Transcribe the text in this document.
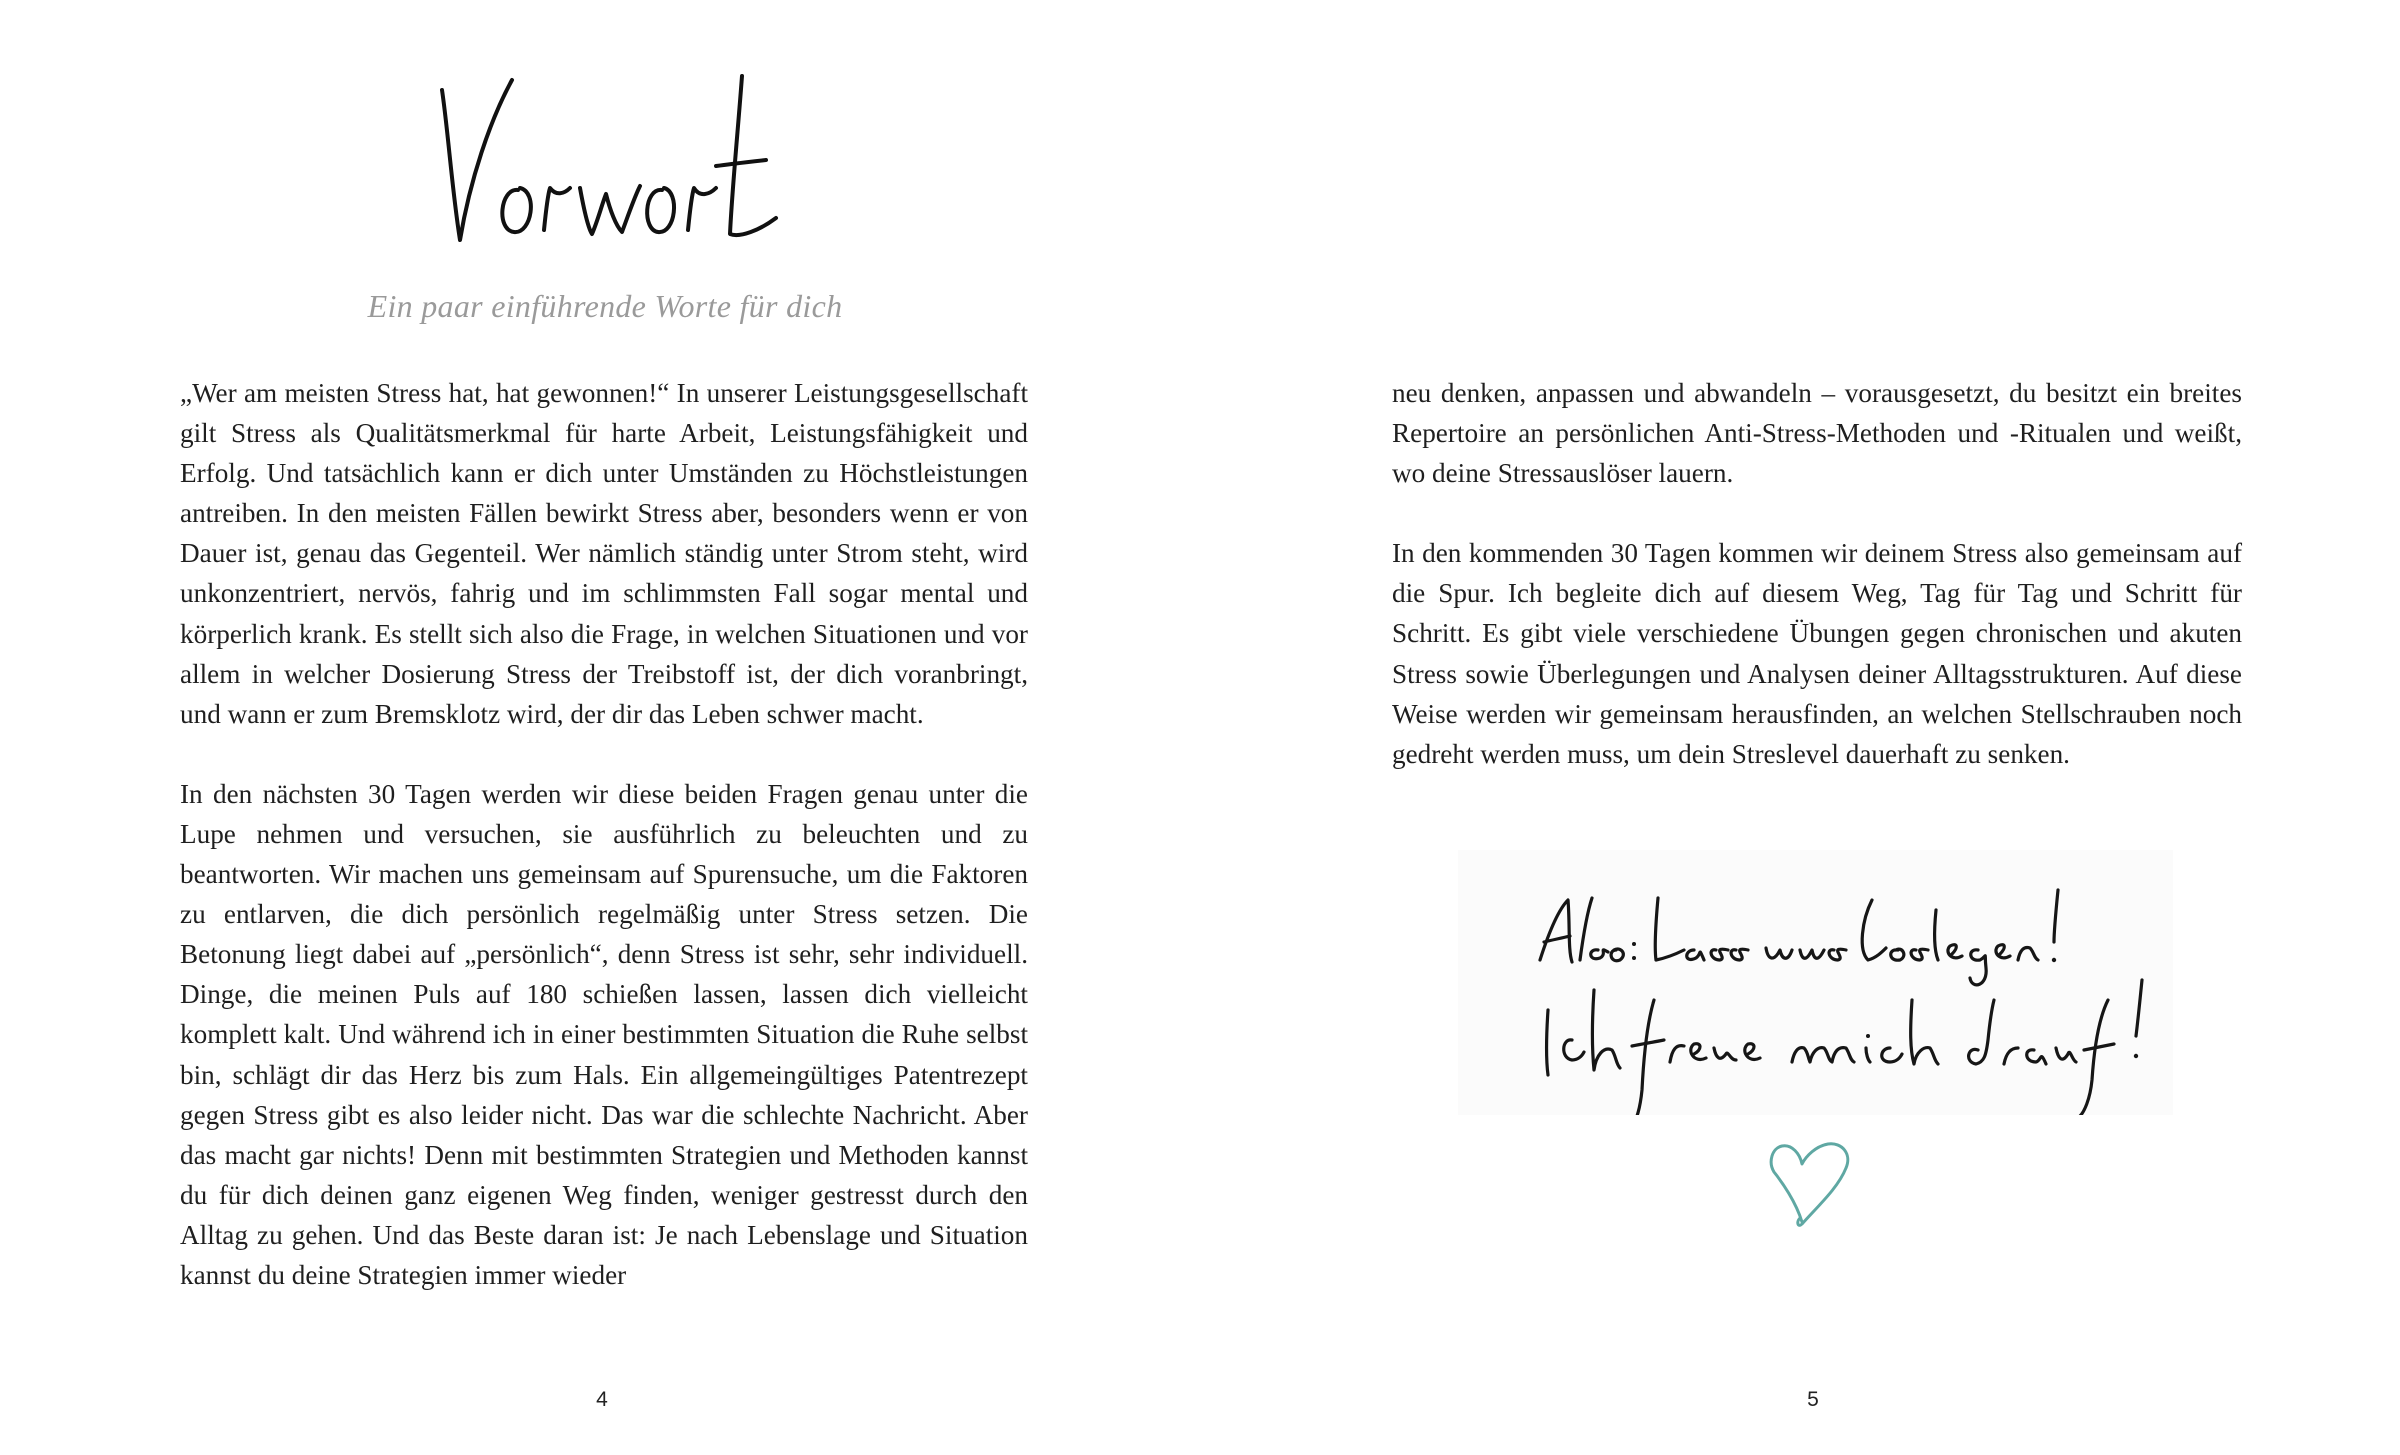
Ein paar einführende Worte für dich

„Wer am meisten Stress hat, hat gewonnen!“ In unserer Leistungsgesellschaft gilt Stress als Qualitätsmerkmal für harte Arbeit, Leistungsfähigkeit und Erfolg. Und tatsächlich kann er dich unter Umständen zu Höchstleistungen antreiben. In den meisten Fällen bewirkt Stress aber, besonders wenn er von Dauer ist, genau das Gegenteil. Wer nämlich ständig unter Strom steht, wird unkonzentriert, nervös, fahrig und im schlimmsten Fall sogar mental und körperlich krank. Es stellt sich also die Frage, in welchen Situationen und vor allem in welcher Dosierung Stress der Treibstoff ist, der dich voranbringt, und wann er zum Bremsklotz wird, der dir das Leben schwer macht.

In den nächsten 30 Tagen werden wir diese beiden Fragen genau unter die Lupe nehmen und versuchen, sie ausführlich zu beleuchten und zu beantworten. Wir machen uns gemeinsam auf Spurensuche, um die Faktoren zu entlarven, die dich persönlich regelmäßig unter Stress setzen. Die Betonung liegt dabei auf „persönlich“, denn Stress ist sehr, sehr individuell. Dinge, die meinen Puls auf 180 schießen lassen, lassen dich vielleicht komplett kalt. Und während ich in einer bestimmten Situation die Ruhe selbst bin, schlägt dir das Herz bis zum Hals. Ein allgemeingültiges Patentrezept gegen Stress gibt es also leider nicht. Das war die schlechte Nachricht. Aber das macht gar nichts! Denn mit bestimmten Strategien und Methoden kannst du für dich deinen ganz eigenen Weg finden, weniger gestresst durch den Alltag zu gehen. Und das Beste daran ist: Je nach Lebenslage und Situation kannst du deine Strategien immer wieder

4

neu denken, anpassen und abwandeln – vorausgesetzt, du besitzt ein breites Repertoire an persönlichen Anti-Stress-Methoden und -Ritualen und weißt, wo deine Stressauslöser lauern.

In den kommenden 30 Tagen kommen wir deinem Stress also gemeinsam auf die Spur. Ich begleite dich auf diesem Weg, Tag für Tag und Schritt für Schritt. Es gibt viele verschiedene Übungen gegen chronischen und akuten Stress sowie Überlegungen und Analysen deiner Alltagsstrukturen. Auf diese Weise werden wir gemeinsam herausfinden, an welchen Stellschrauben noch gedreht werden muss, um dein Streslevel dauerhaft zu senken.

5
